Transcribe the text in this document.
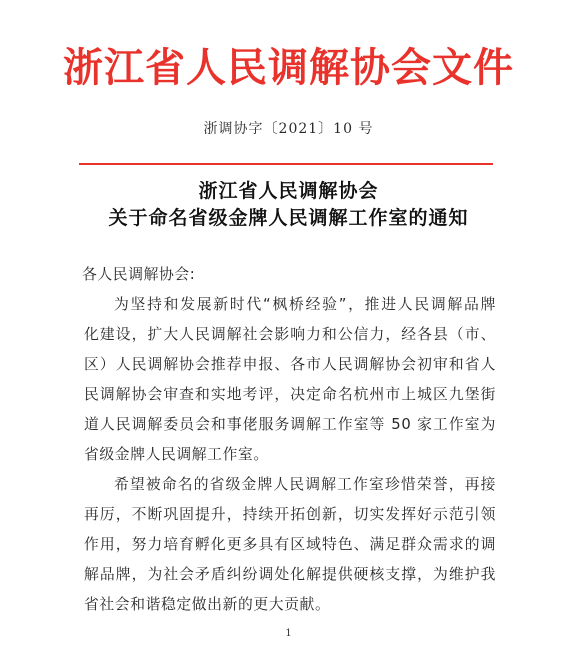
浙江省人民调解协会文件
浙调协字〔2021〕10 号
浙江省人民调解协会
关于命名省级金牌人民调解工作室的通知
各人民调解协会:
为坚持和发展新时代“枫桥经验”，推进人民调解品牌
化建设，扩大人民调解社会影响力和公信力，经各县（市、
区）人民调解协会推荐申报、各市人民调解协会初审和省人
民调解协会审查和实地考评，决定命名杭州市上城区九堡街
道人民调解委员会和事佬服务调解工作室等 50 家工作室为
省级金牌人民调解工作室。
希望被命名的省级金牌人民调解工作室珍惜荣誉，再接
再厉，不断巩固提升，持续开拓创新，切实发挥好示范引领
作用，努力培育孵化更多具有区域特色、满足群众需求的调
解品牌，为社会矛盾纠纷调处化解提供硬核支撑，为维护我
省社会和谐稳定做出新的更大贡献。
1
